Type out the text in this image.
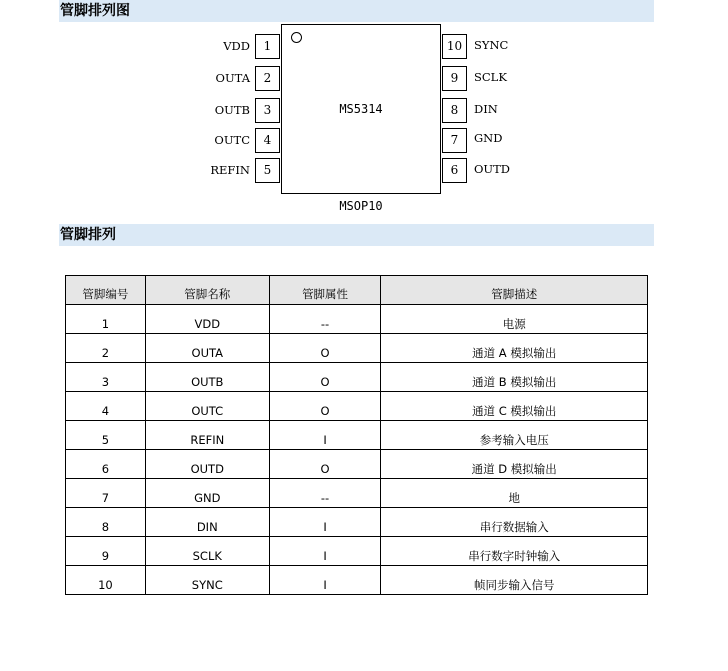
管脚排列图
MS5314
MSOP10
VDD	1
OUTA	2
OUTB	3
OUTC	4
REFIN	5
10	SYNC
9	SCLK
8	DIN
7	GND
6	OUTD
管脚排列
管脚编号	管脚名称	管脚属性	管脚描述
1	VDD	--	电源
2	OUTA	O	通道 A 模拟输出
3	OUTB	O	通道 B 模拟输出
4	OUTC	O	通道 C 模拟输出
5	REFIN	I	参考输入电压
6	OUTD	O	通道 D 模拟输出
7	GND	--	地
8	DIN	I	串行数据输入
9	SCLK	I	串行数字时钟输入
10	SYNC	I	帧同步输入信号
